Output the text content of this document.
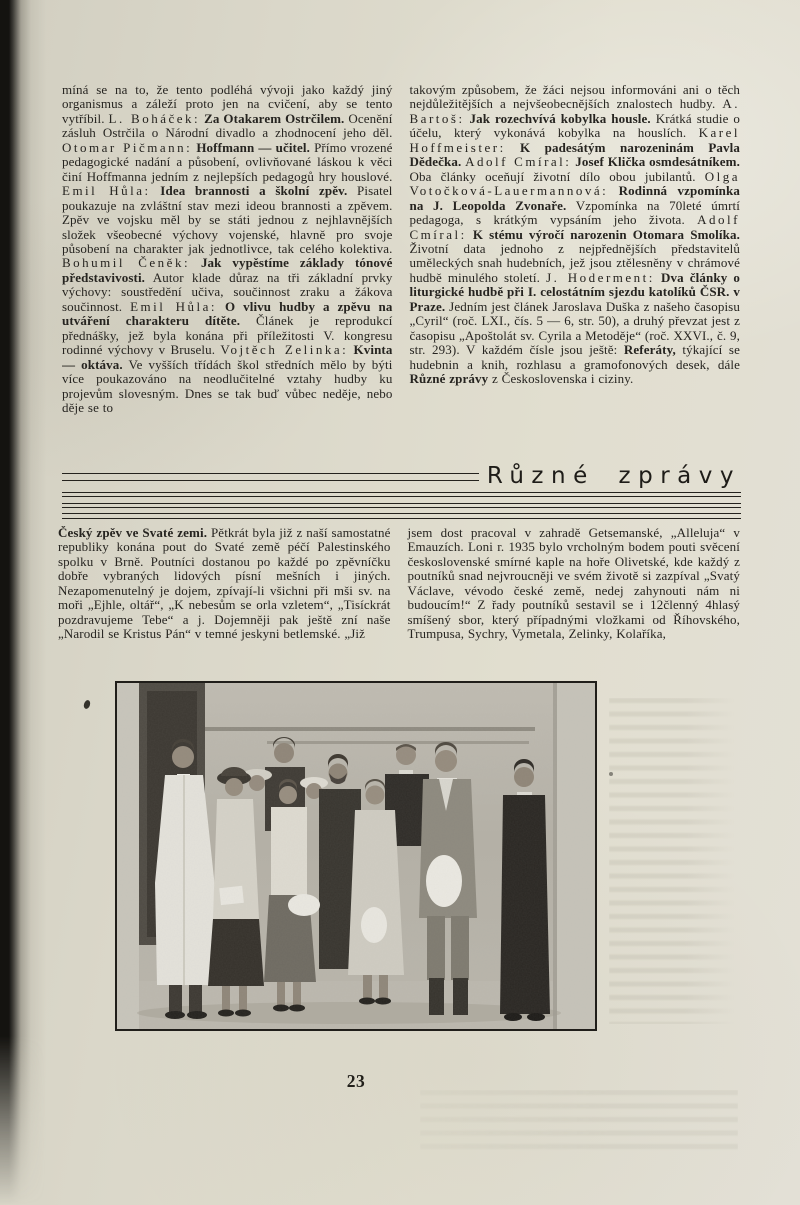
míná se na to, že tento podléhá vývoji jako každý jiný organismus a záleží proto jen na cvičení, aby se tento vytříbil. L. Boháček: Za Otakarem Ostrčilem. Ocenění zásluh Ostrčila o Národní divadlo a zhodnocení jeho děl. Otomar Pičmann: Hoffmann — učitel. Přímo vrozené pedagogické nadání a působení, ovlivňované láskou k věci činí Hoffmanna jedním z nejlepších pedagogů hry houslové. Emil Hůla: Idea brannosti a školní zpěv. Pisatel poukazuje na zvláštní stav mezi ideou brannosti a zpěvem. Zpěv ve vojsku měl by se státi jednou z nejhlavnějších složek všeobecné výchovy vojenské, hlavně pro svoje působení na charakter jak jednotlivce, tak celého kolektiva. Bohumil Čeněk: Jak vypěstíme základy tónové představivosti. Autor klade důraz na tři základní prvky výchovy: soustředění učiva, součinnost zraku a žákova součinnost. Emil Hůla: O vlivu hudby a zpěvu na utváření charakteru dítěte. Článek je reprodukcí přednášky, jež byla konána při příležitosti V. kongresu rodinné výchovy v Bruselu. Vojtěch Zelinka: Kvinta — oktáva. Ve vyšších třídách škol středních mělo by býti více poukazováno na neodlučitelné vztahy hudby ku projevům slovesným. Dnes se tak buď vůbec neděje, nebo děje se to
takovým způsobem, že žáci nejsou informováni ani o těch nejdůležitějších a nejvšeobecnějších znalostech hudby. A. Bartoš: Jak rozechvívá kobylka housle. Krátká studie o účelu, který vykonává kobylka na houslích. Karel Hoffmeister: K padesátým narozeninám Pavla Dědečka. Adolf Cmíral: Josef Klička osmdesátníkem. Oba články oceňují životní dílo obou jubilantů. Olga Votočková-Lauermannová: Rodinná vzpomínka na J. Leopolda Zvonaře. Vzpomínka na 70leté úmrtí pedagoga, s krátkým vypsáním jeho života. Adolf Cmíral: K stému výročí narozenin Otomara Smolíka. Životní data jednoho z nejpřednějších představitelů uměleckých snah hudebních, jež jsou ztělesněny v chrámové hudbě minulého století. J. Hoderment: Dva články o liturgické hudbě při I. celostátním sjezdu katolíků ČSR. v Praze. Jedním jest článek Jaroslava Duška z našeho časopisu „Cyril“ (roč. LXI., čís. 5 — 6, str. 50), a druhý převzat jest z časopisu „Apoštolát sv. Cyrila a Metoděje“ (roč. XXVI., č. 9, str. 293). V každém čísle jsou ještě: Referáty, týkající se hudebnin a knih, rozhlasu a gramofonových desek, dále Různé zprávy z Československa i ciziny.
Různé zprávy
Český zpěv ve Svaté zemi. Pětkrát byla již z naší samostatné republiky konána pout do Svaté země péčí Palestinského spolku v Brně. Poutníci dostanou po každé po zpěvníčku dobře vybraných lidových písní mešních i jiných. Nezapomenutelný je dojem, zpívají-li všichni při mši sv. na moři „Ejhle, oltář“, „K nebesům se orla vzletem“, „Tisíckrát pozdravujeme Tebe“ a j. Dojemněji pak ještě zní naše „Narodil se Kristus Pán“ v temné jeskyni betlemské. „Již
jsem dost pracoval v zahradě Getsemanské, „Alleluja“ v Emauzích. Loni r. 1935 bylo vrcholným bodem pouti svěcení československé smírné kaple na hoře Olivetské, kde každý z poutníků snad nejvroucněji ve svém životě si zazpíval „Svatý Václave, vévodo české země, nedej zahynouti nám ni budoucím!“ Z řady poutníků sestavil se i 12členný 4hlasý smíšený sbor, který případnými vložkami od Říhovského, Trumpusa, Sychry, Vymetala, Zelinky, Kolaříka,
23
